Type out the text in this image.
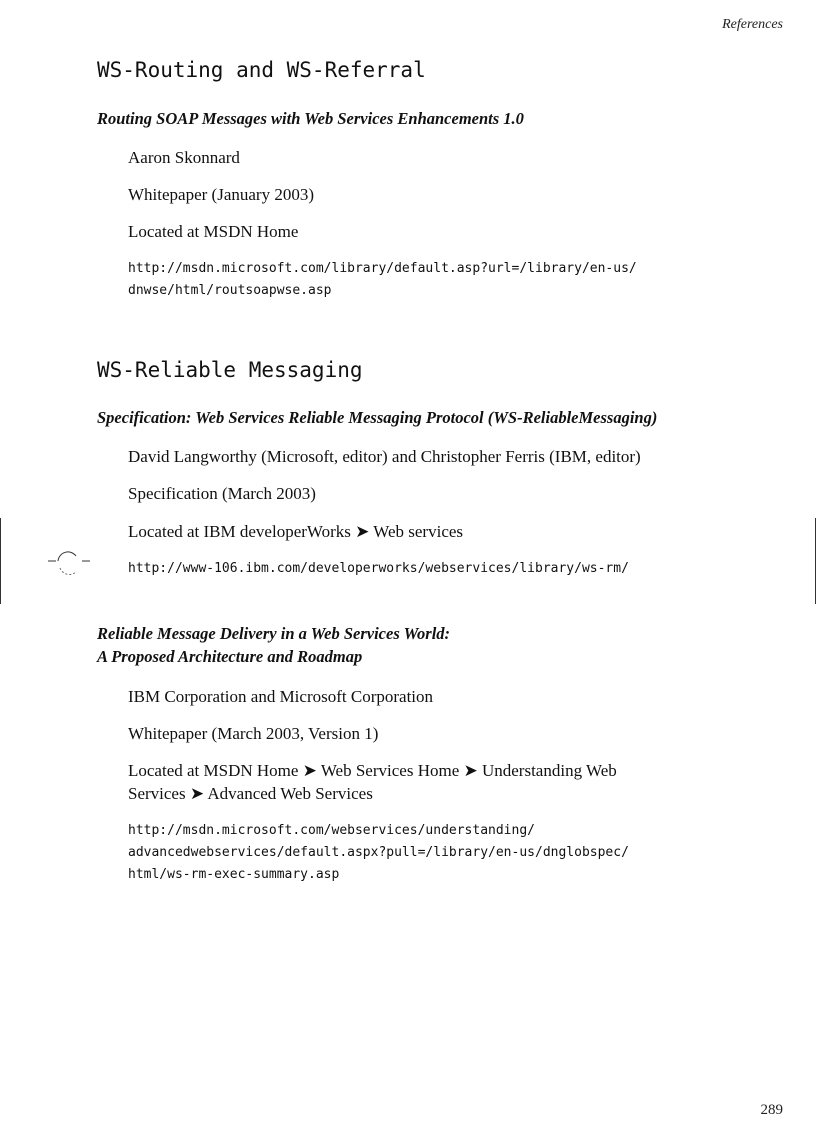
References
WS-Routing and WS-Referral
Routing SOAP Messages with Web Services Enhancements 1.0

Aaron Skonnard

Whitepaper (January 2003)

Located at MSDN Home

http://msdn.microsoft.com/library/default.asp?url=/library/en-us/
dnwse/html/routsoapwse.asp
WS-Reliable Messaging
Specification: Web Services Reliable Messaging Protocol (WS-ReliableMessaging)

David Langworthy (Microsoft, editor) and Christopher Ferris (IBM, editor)

Specification (March 2003)

Located at IBM developerWorks ➤ Web services

http://www-106.ibm.com/developerworks/webservices/library/ws-rm/
Reliable Message Delivery in a Web Services World:
A Proposed Architecture and Roadmap

IBM Corporation and Microsoft Corporation

Whitepaper (March 2003, Version 1)

Located at MSDN Home ➤ Web Services Home ➤ Understanding Web
Services ➤ Advanced Web Services

http://msdn.microsoft.com/webservices/understanding/
advancedwebservices/default.aspx?pull=/library/en-us/dnglobspec/
html/ws-rm-exec-summary.asp
289
